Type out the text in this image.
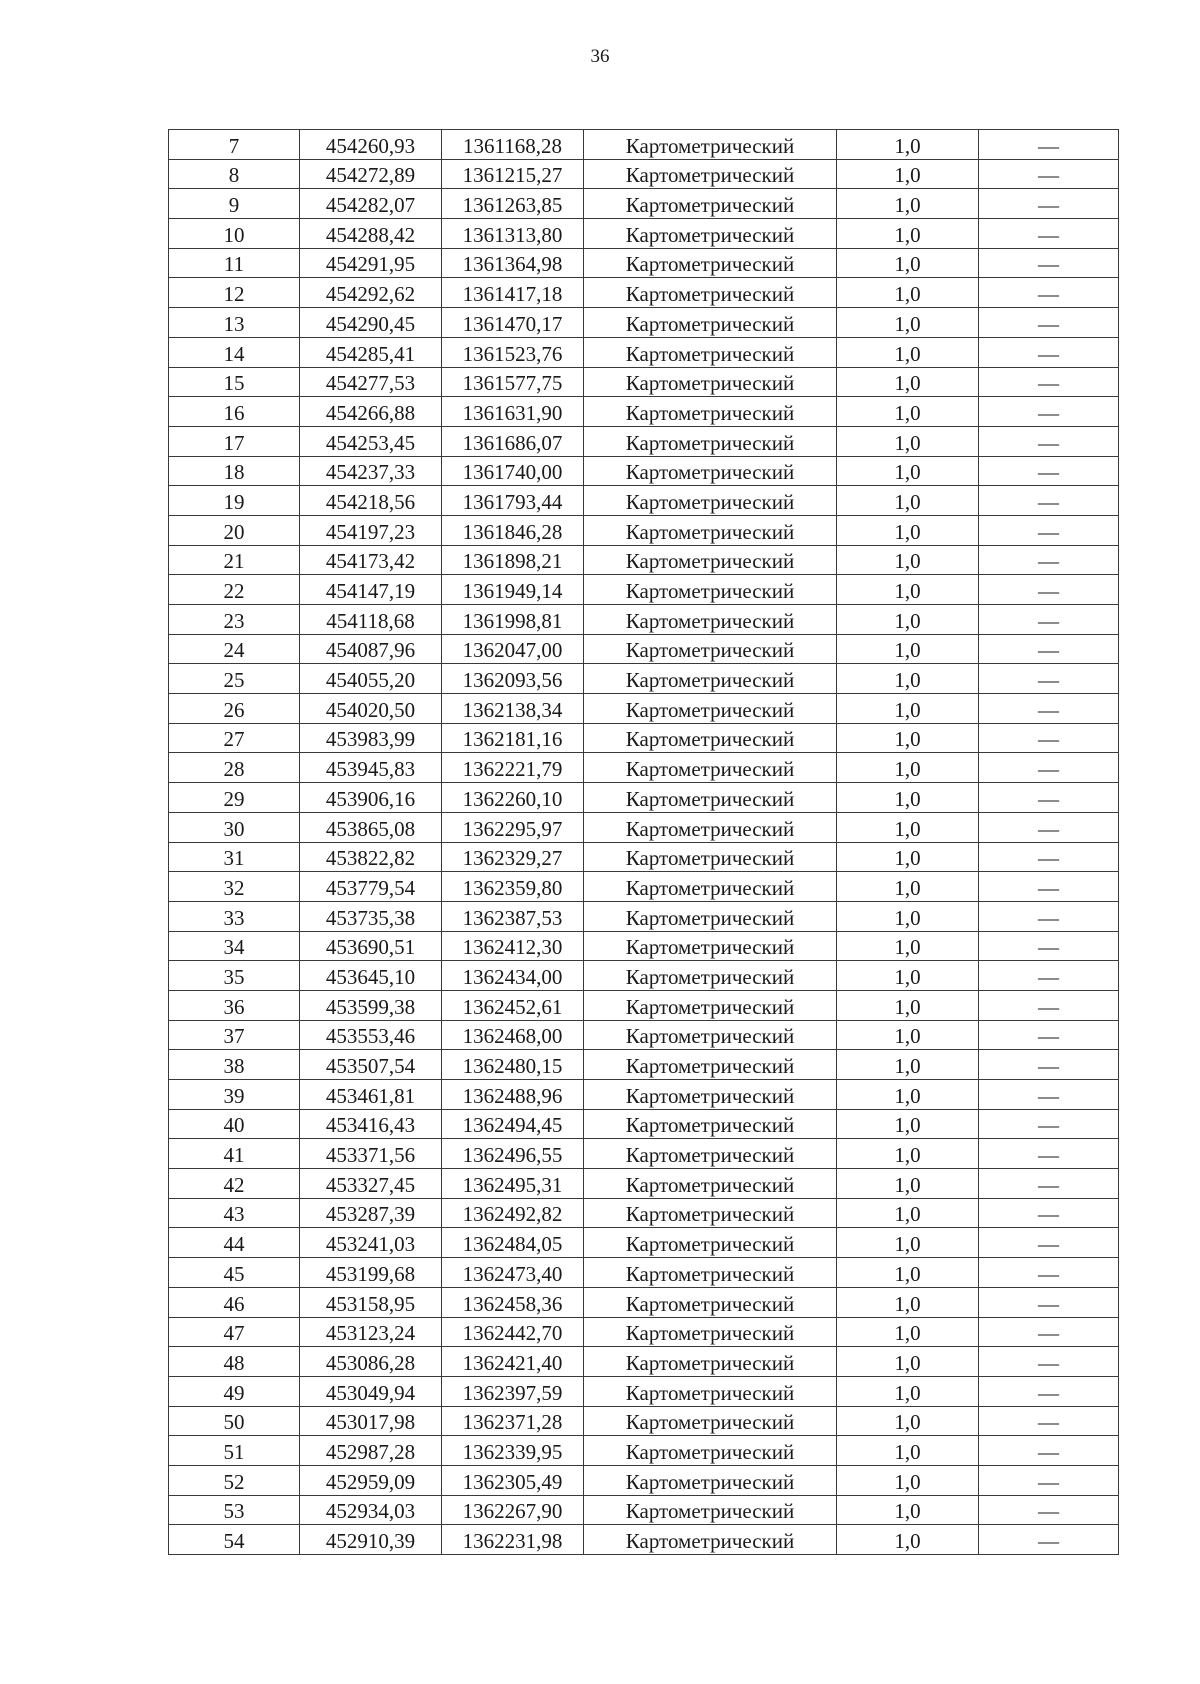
36
7	454260,93	1361168,28	Картометрический	1,0	—
8	454272,89	1361215,27	Картометрический	1,0	—
9	454282,07	1361263,85	Картометрический	1,0	—
10	454288,42	1361313,80	Картометрический	1,0	—
11	454291,95	1361364,98	Картометрический	1,0	—
12	454292,62	1361417,18	Картометрический	1,0	—
13	454290,45	1361470,17	Картометрический	1,0	—
14	454285,41	1361523,76	Картометрический	1,0	—
15	454277,53	1361577,75	Картометрический	1,0	—
16	454266,88	1361631,90	Картометрический	1,0	—
17	454253,45	1361686,07	Картометрический	1,0	—
18	454237,33	1361740,00	Картометрический	1,0	—
19	454218,56	1361793,44	Картометрический	1,0	—
20	454197,23	1361846,28	Картометрический	1,0	—
21	454173,42	1361898,21	Картометрический	1,0	—
22	454147,19	1361949,14	Картометрический	1,0	—
23	454118,68	1361998,81	Картометрический	1,0	—
24	454087,96	1362047,00	Картометрический	1,0	—
25	454055,20	1362093,56	Картометрический	1,0	—
26	454020,50	1362138,34	Картометрический	1,0	—
27	453983,99	1362181,16	Картометрический	1,0	—
28	453945,83	1362221,79	Картометрический	1,0	—
29	453906,16	1362260,10	Картометрический	1,0	—
30	453865,08	1362295,97	Картометрический	1,0	—
31	453822,82	1362329,27	Картометрический	1,0	—
32	453779,54	1362359,80	Картометрический	1,0	—
33	453735,38	1362387,53	Картометрический	1,0	—
34	453690,51	1362412,30	Картометрический	1,0	—
35	453645,10	1362434,00	Картометрический	1,0	—
36	453599,38	1362452,61	Картометрический	1,0	—
37	453553,46	1362468,00	Картометрический	1,0	—
38	453507,54	1362480,15	Картометрический	1,0	—
39	453461,81	1362488,96	Картометрический	1,0	—
40	453416,43	1362494,45	Картометрический	1,0	—
41	453371,56	1362496,55	Картометрический	1,0	—
42	453327,45	1362495,31	Картометрический	1,0	—
43	453287,39	1362492,82	Картометрический	1,0	—
44	453241,03	1362484,05	Картометрический	1,0	—
45	453199,68	1362473,40	Картометрический	1,0	—
46	453158,95	1362458,36	Картометрический	1,0	—
47	453123,24	1362442,70	Картометрический	1,0	—
48	453086,28	1362421,40	Картометрический	1,0	—
49	453049,94	1362397,59	Картометрический	1,0	—
50	453017,98	1362371,28	Картометрический	1,0	—
51	452987,28	1362339,95	Картометрический	1,0	—
52	452959,09	1362305,49	Картометрический	1,0	—
53	452934,03	1362267,90	Картометрический	1,0	—
54	452910,39	1362231,98	Картометрический	1,0	—
